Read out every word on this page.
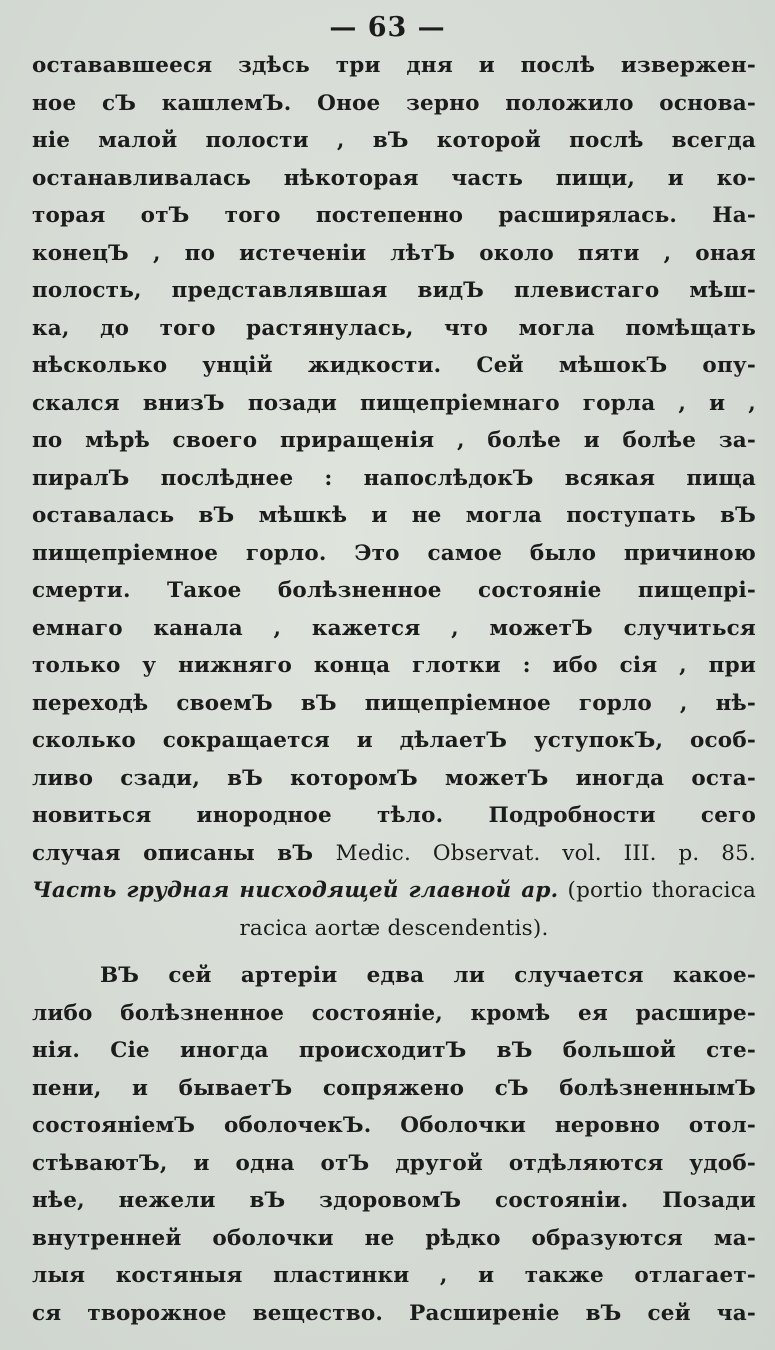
— 63 —
остававшееся здѣсь три дня и послѣ извержен-
ное сЪ кашлемЪ. Оное зерно положило основа-
ніе малой полости , вЪ которой послѣ всегда
останавливалась нѣкоторая часть пищи, и ко-
торая отЪ того постепенно расширялась. На-
конецЪ , по истеченіи лѣтЪ около пяти , оная
полость, представлявшая видЪ плевистаго мѣш-
ка, до того растянулась, что могла помѣщать
нѣсколько унцій жидкости. Сей мѣшокЪ опу-
скался внизЪ позади пищепріемнаго горла , и ,
по мѣрѣ своего приращенія , болѣе и болѣе за-
пиралЪ послѣднее : напослѣдокЪ всякая пища
оставалась вЪ мѣшкѣ и не могла поступать вЪ
пищепріемное горло. Это самое было причиною
смерти. Такое болѣзненное состояніе пищепрі-
емнаго канала , кажется , можетЪ случиться
только у нижняго конца глотки : ибо сія , при
переходѣ своемЪ вЪ пищепріемное горло , нѣ-
сколько сокращается и дѣлаетЪ уступокЪ, особ-
ливо сзади, вЪ которомЪ можетЪ иногда оста-
новиться инородное тѣло. Подробности сего
случая описаны вЪ Medic. Observat. vol. III. p. 85.
Часть грудная нисходящей главной ар. (portio thoracica
racica aortæ descendentis).
ВЪ сей артеріи едва ли случается какое-
либо болѣзненное состояніе, кромѣ ея расшире-
нія. Сіе иногда происходитЪ вЪ большой сте-
пени, и бываетЪ сопряжено сЪ болѣзненнымЪ
состояніемЪ оболочекЪ. Оболочки неровно отол-
стѣваютЪ, и одна отЪ другой отдѣляются удоб-
нѣе, нежели вЪ здоровомЪ состояніи. Позади
внутренней оболочки не рѣдко образуются ма-
лыя костяныя пластинки , и также отлагает-
ся творожное вещество. Расширеніе вЪ сей ча-
